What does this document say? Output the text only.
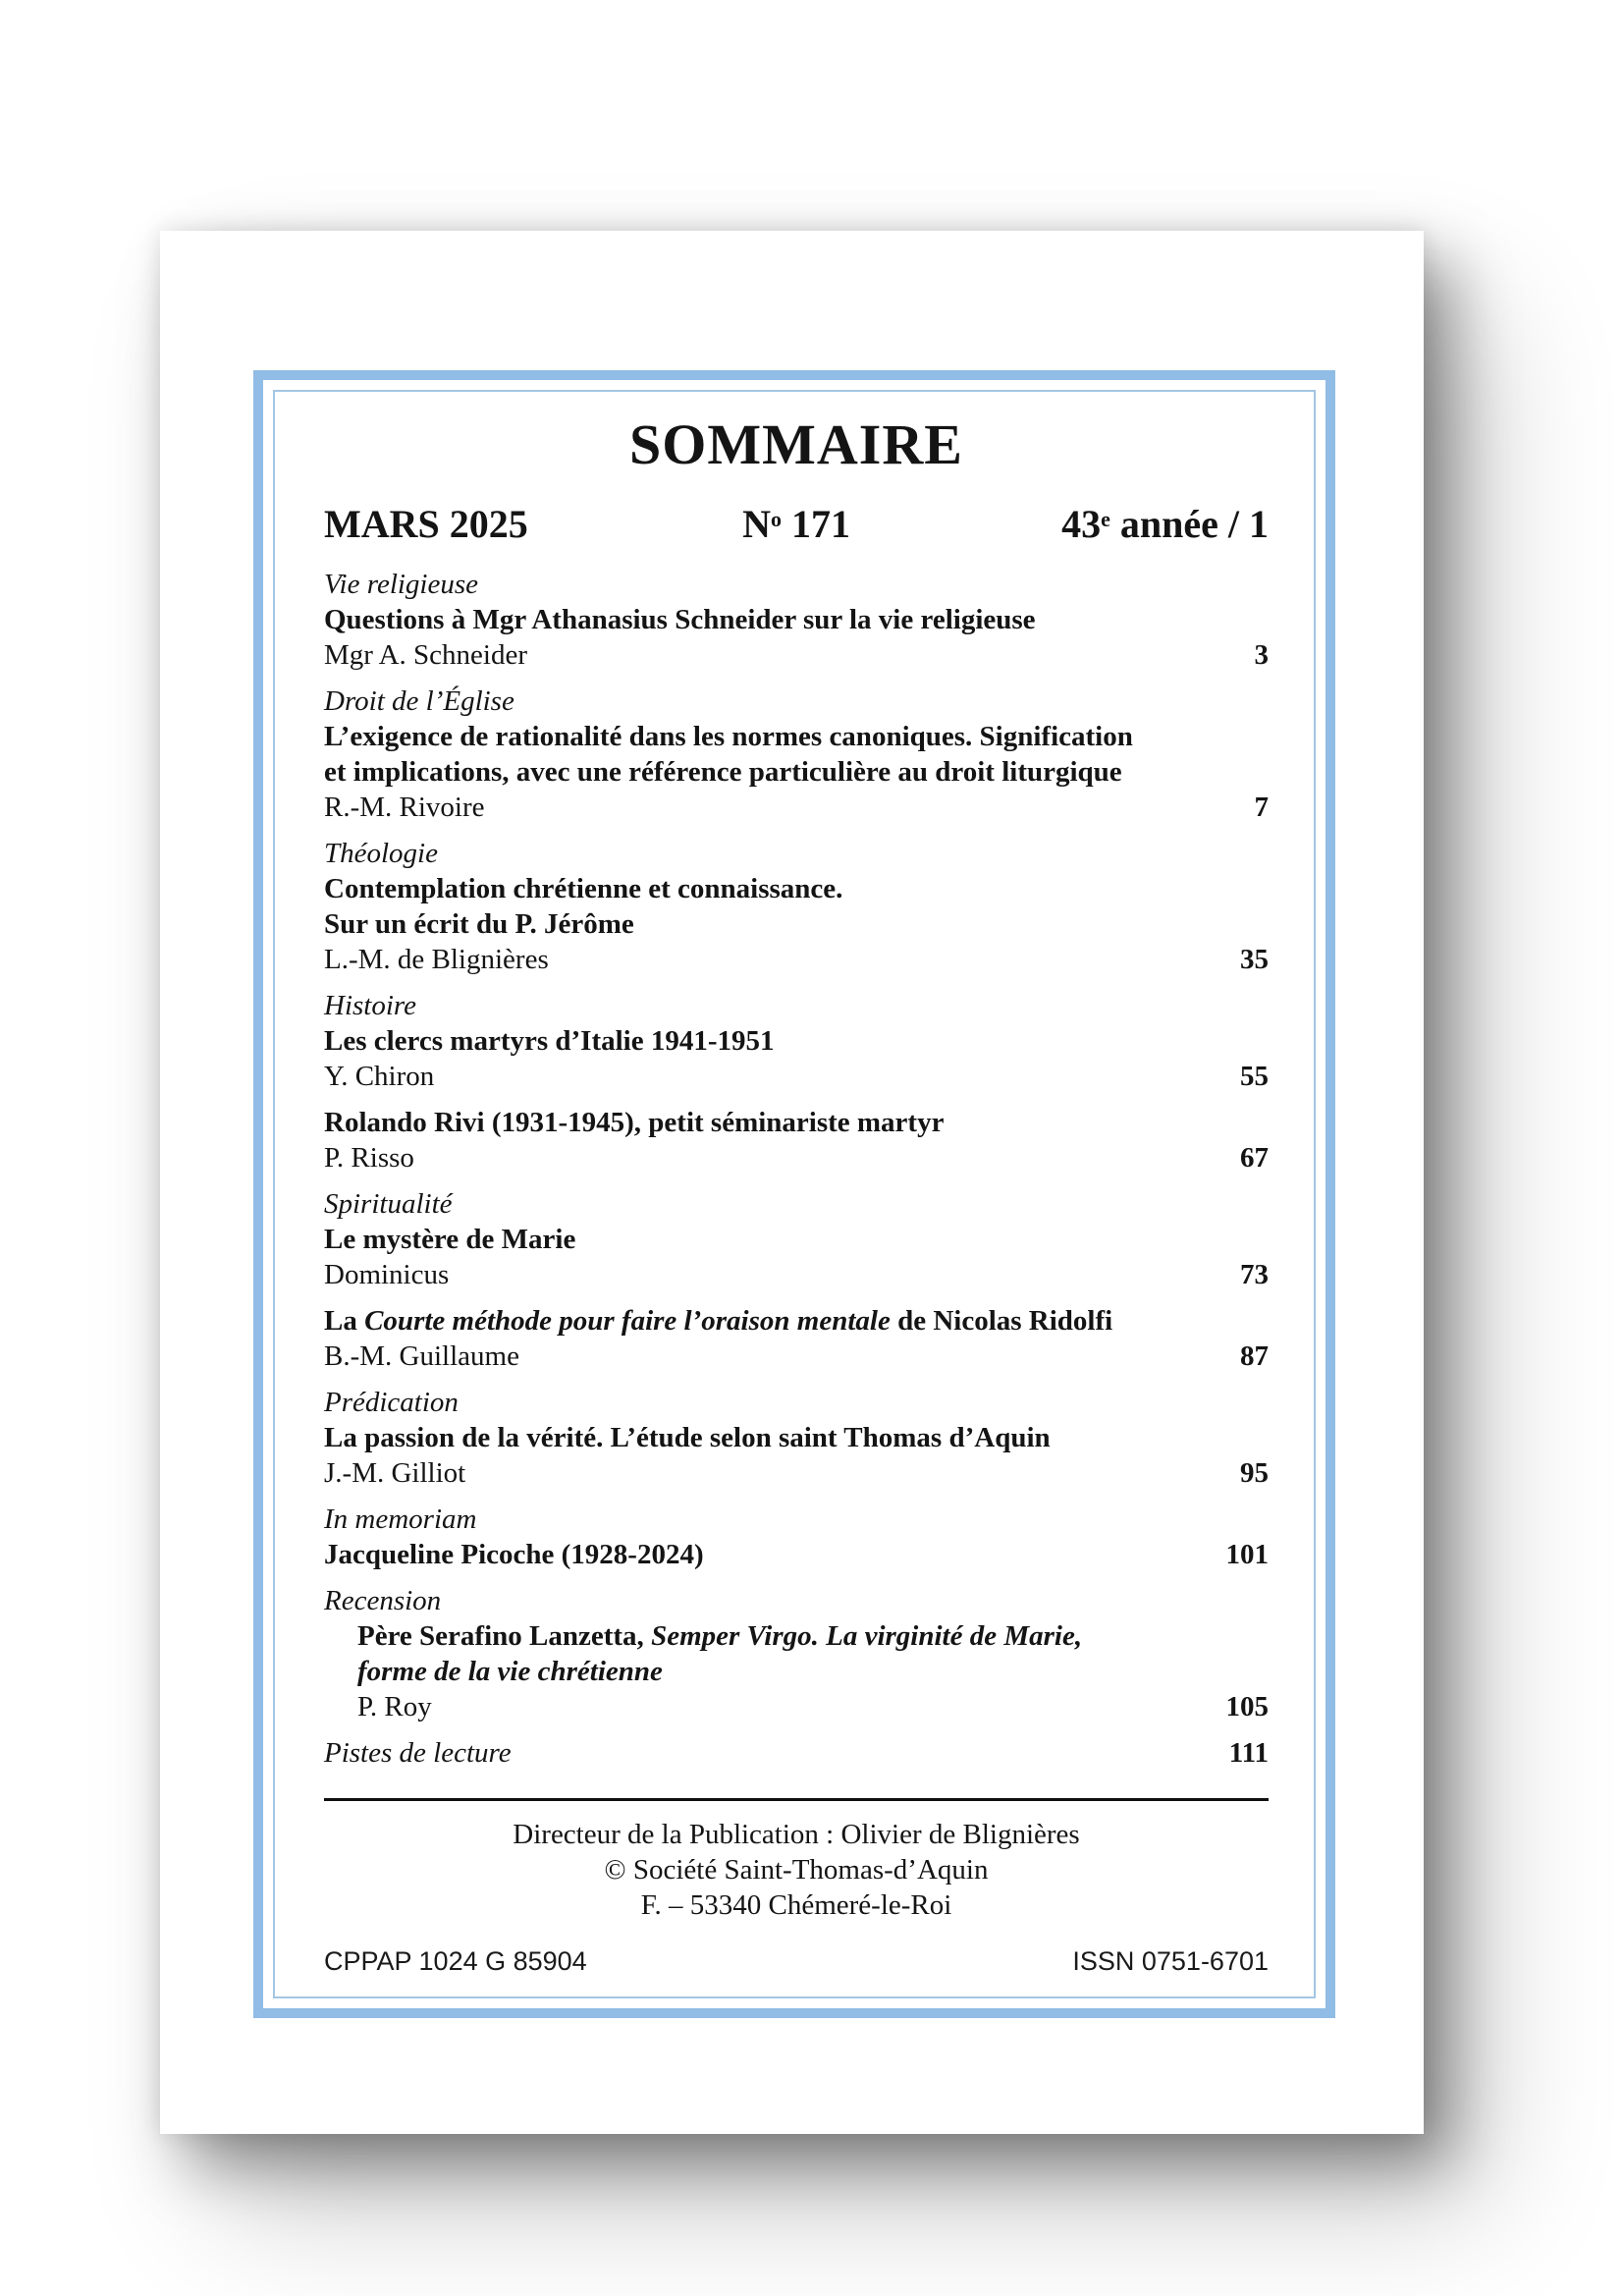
SOMMAIRE
MARS 2025	$N^o$ 171	43e année / 1
Vie religieuse
Questions à Mgr Athanasius Schneider sur la vie religieuse
Mgr A. Schneider	3
Droit de l’Église
L’exigence de rationalité dans les normes canoniques. Signification
et implications, avec une référence particulière au droit liturgique
R.-M. Rivoire	7
Théologie
Contemplation chrétienne et connaissance.
Sur un écrit du P. Jérôme
L.-M. de Blignières	35
Histoire
Les clercs martyrs d’Italie 1941-1951
Y. Chiron	55
Rolando Rivi (1931-1945), petit séminariste martyr
P. Risso	67
Spiritualité
Le mystère de Marie
Dominicus	73
La Courte méthode pour faire l’oraison mentale de Nicolas Ridolfi
B.-M. Guillaume	87
Prédication
La passion de la vérité. L’étude selon saint Thomas d’Aquin
J.-M. Gilliot	95
In memoriam
Jacqueline Picoche (1928-2024)	101
Recension
Père Serafino Lanzetta, Semper Virgo. La virginité de Marie,
forme de la vie chrétienne
P. Roy	105
Pistes de lecture	111
Directeur de la Publication : Olivier de Blignières
© Société Saint-Thomas-d’Aquin
F. – 53340 Chémeré-le-Roi
CPPAP 1024 G 85904	ISSN 0751-6701
